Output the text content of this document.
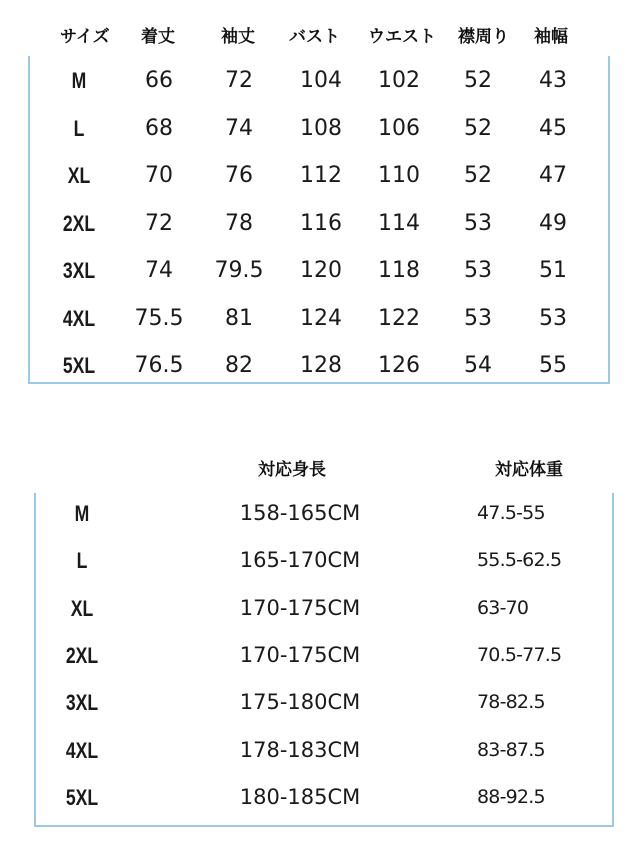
サイズ 着丈	袖丈 バスト ウエスト 襟周り 袖幅
M	66 72 104 102 52 43
L	68 74 108 106 52 45
XL 70 76 112 110 52 47
2XL 72 78 116 114 53 49
3XL 74 79.5 120 118 53 51
4XL 75.5 81 124 122 53 53
5XL 76.5 82 128 126 54 55
対応身長	対応体重
M	158-165CM	47.5-55
L	165-170CM	55.5-62.5
XL	170-175CM	63-70
2XL	170-175CM	70.5-77.5
3XL	175-180CM	78-82.5
4XL	178-183CM	83-87.5
5XL	180-185CM	88-92.5
